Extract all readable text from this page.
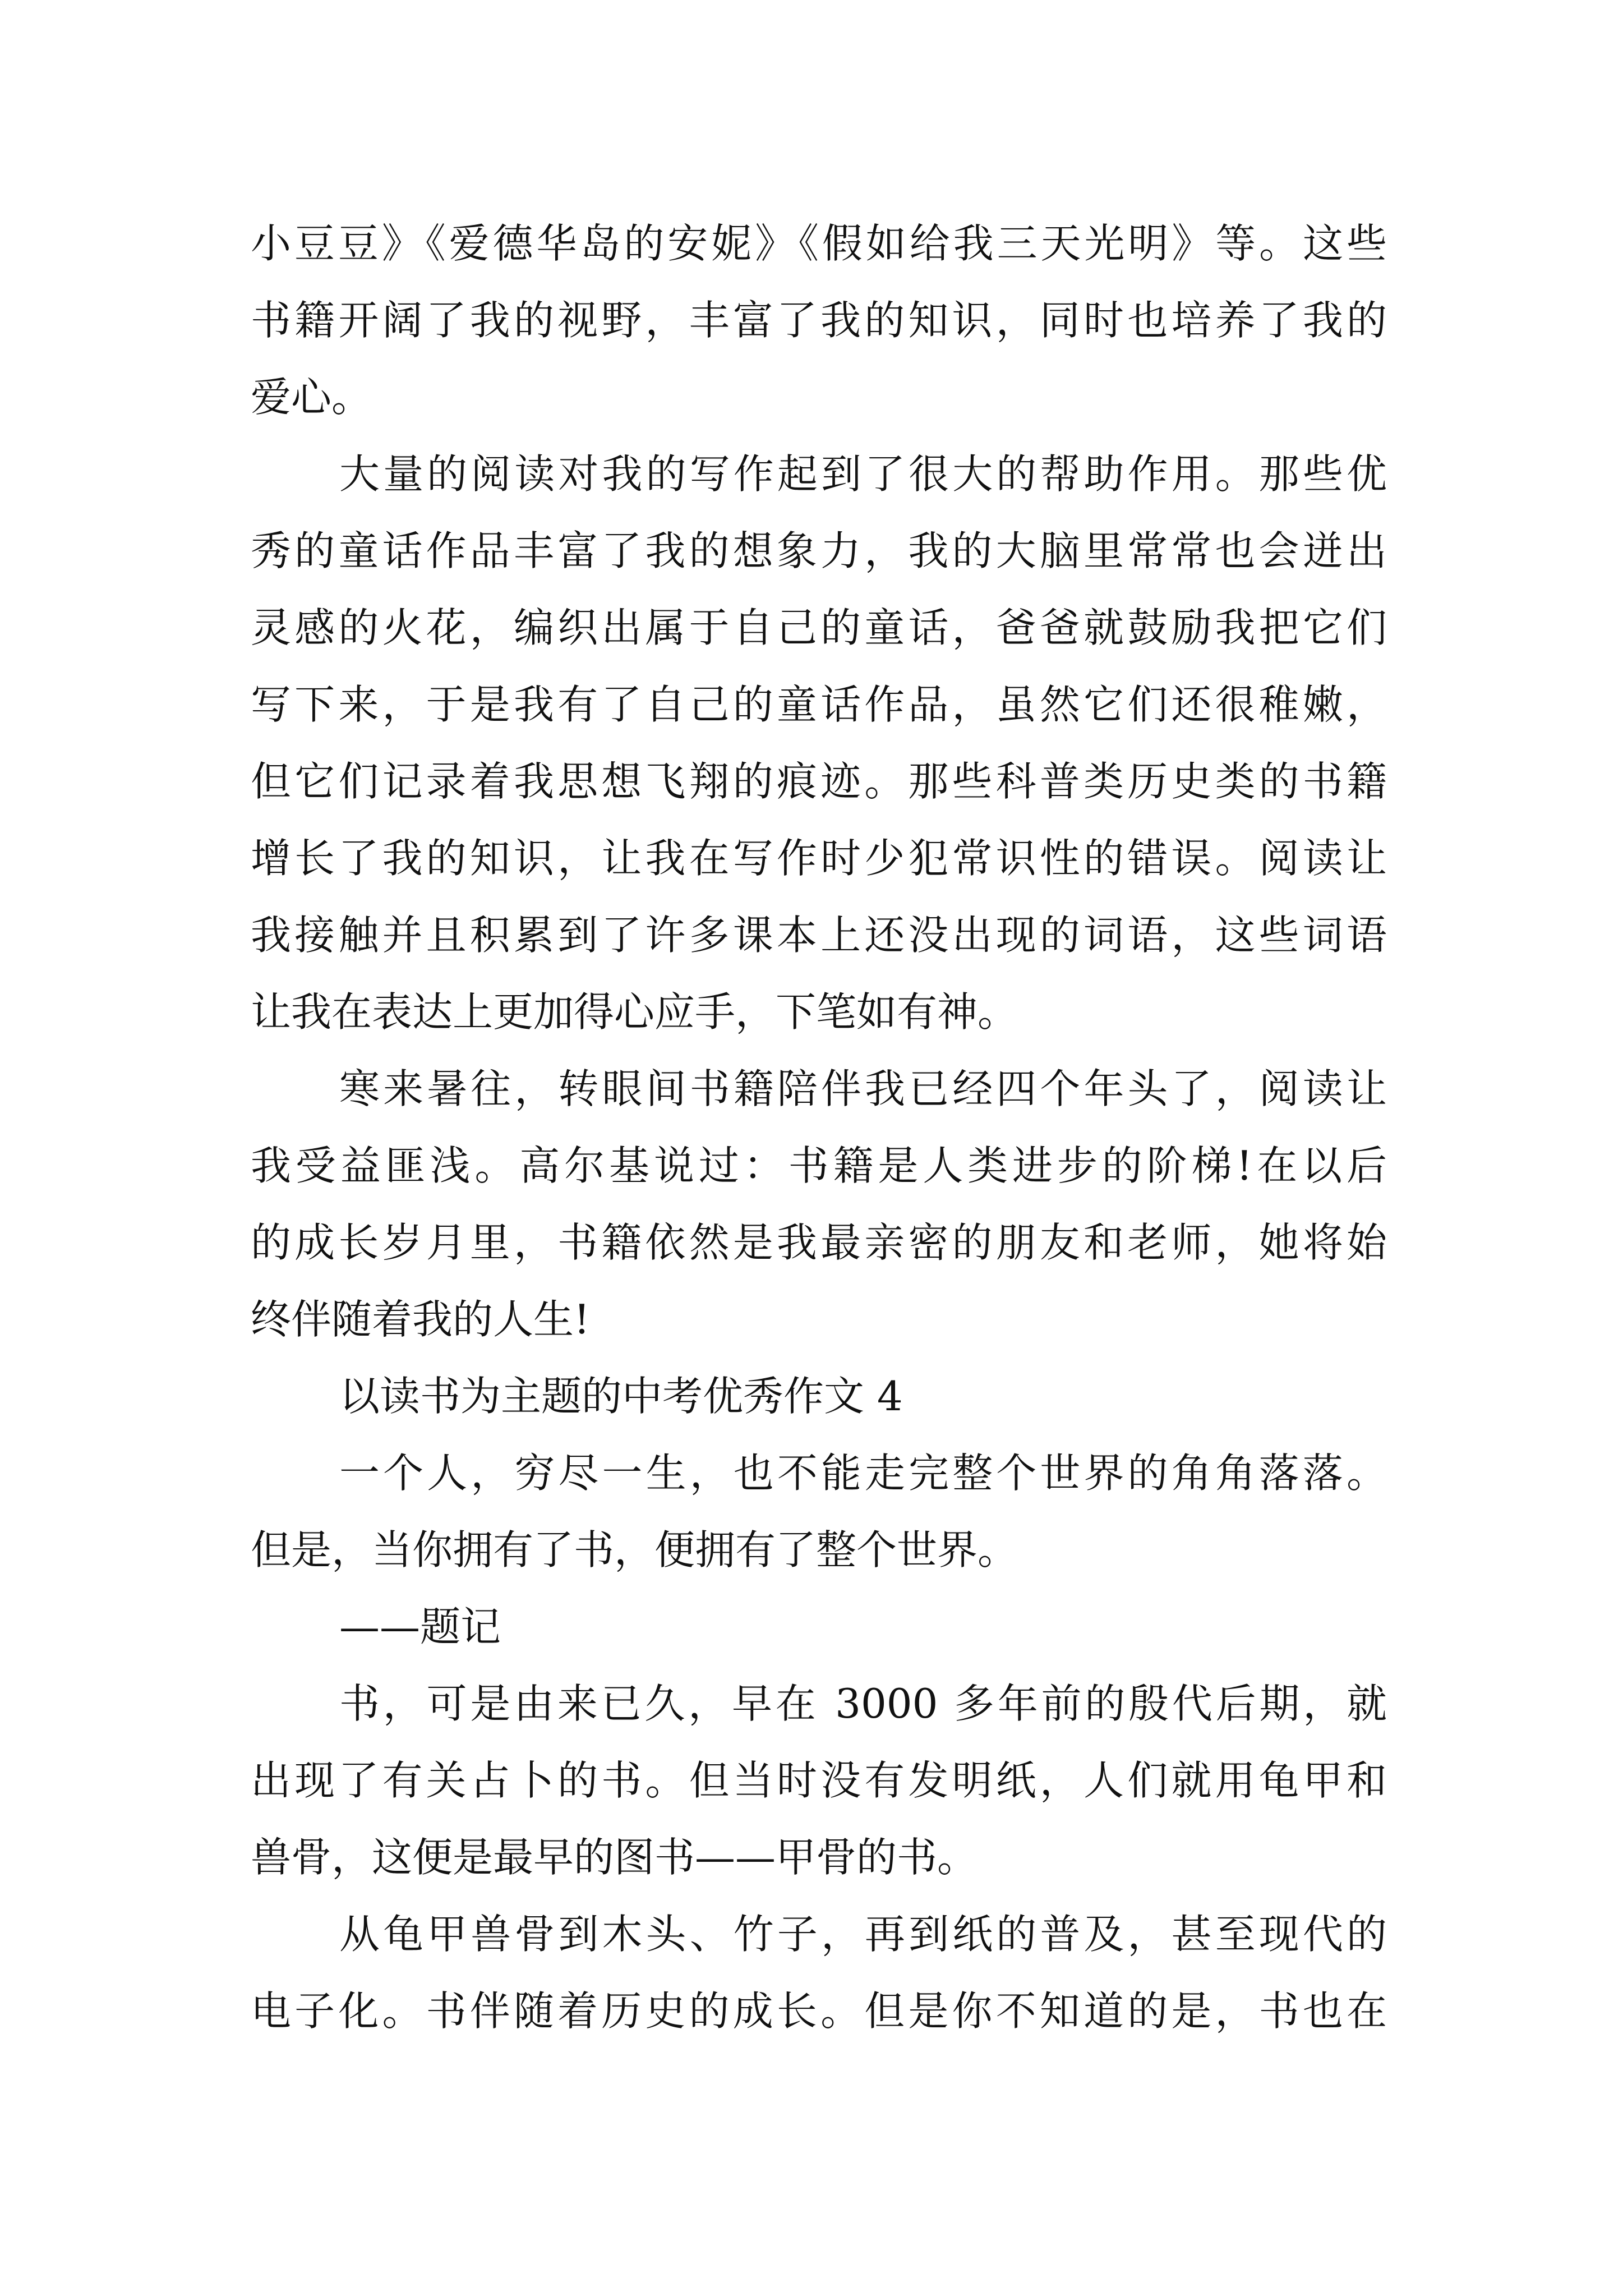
小豆豆》《爱德华岛的安妮》《假如给我三天光明》等。这些
书籍开阔了我的视野，丰富了我的知识，同时也培养了我的
爱心。
大量的阅读对我的写作起到了很大的帮助作用。那些优
秀的童话作品丰富了我的想象力，我的大脑里常常也会迸出
灵感的火花，编织出属于自己的童话，爸爸就鼓励我把它们
写下来，于是我有了自己的童话作品，虽然它们还很稚嫩，
但它们记录着我思想飞翔的痕迹。那些科普类历史类的书籍
增长了我的知识，让我在写作时少犯常识性的错误。阅读让
我接触并且积累到了许多课本上还没出现的词语，这些词语
让我在表达上更加得心应手，下笔如有神。
寒来暑往，转眼间书籍陪伴我已经四个年头了，阅读让
我受益匪浅。高尔基说过：书籍是人类进步的阶梯!在以后
的成长岁月里，书籍依然是我最亲密的朋友和老师，她将始
终伴随着我的人生!
以读书为主题的中考优秀作文 4
一个人，穷尽一生，也不能走完整个世界的角角落落。
但是，当你拥有了书，便拥有了整个世界。
——题记
书，可是由来已久，早在 3000 多年前的殷代后期，就
出现了有关占卜的书。但当时没有发明纸，人们就用龟甲和
兽骨，这便是最早的图书——甲骨的书。
从龟甲兽骨到木头、竹子，再到纸的普及，甚至现代的
电子化。书伴随着历史的成长。但是你不知道的是，书也在
